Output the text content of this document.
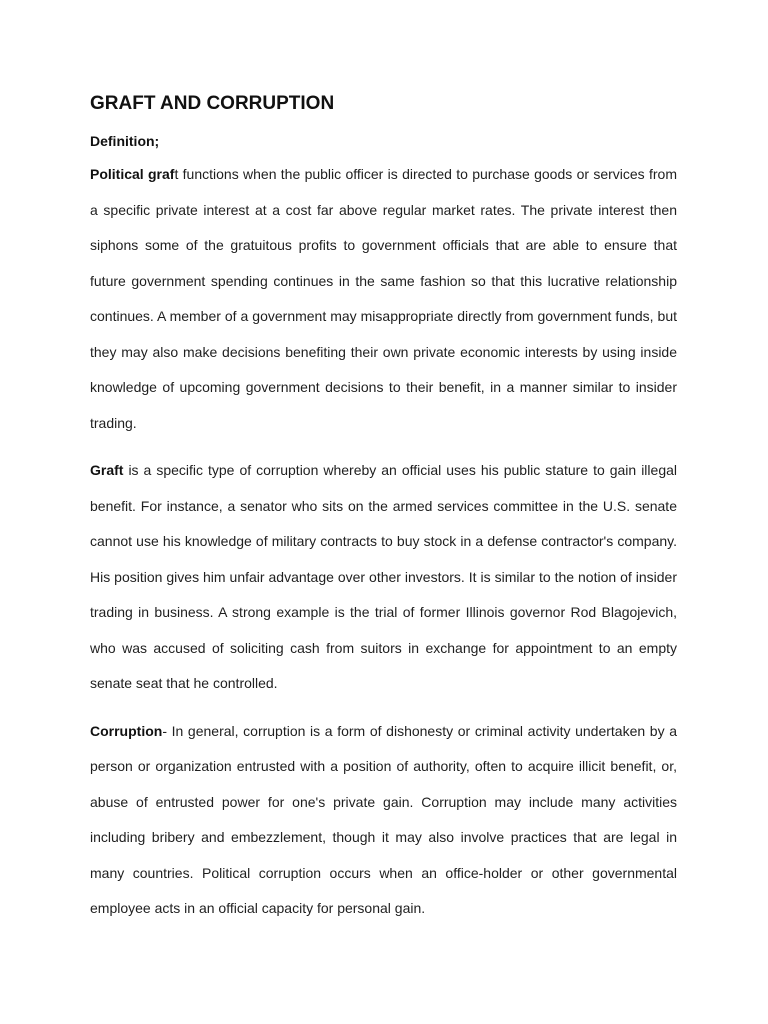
GRAFT AND CORRUPTION
Definition;

Political graft functions when the public officer is directed to purchase goods or services from a specific private interest at a cost far above regular market rates. The private interest then siphons some of the gratuitous profits to government officials that are able to ensure that future government spending continues in the same fashion so that this lucrative relationship continues. A member of a government may misappropriate directly from government funds, but they may also make decisions benefiting their own private economic interests by using inside knowledge of upcoming government decisions to their benefit, in a manner similar to insider trading.

Graft is a specific type of corruption whereby an official uses his public stature to gain illegal benefit. For instance, a senator who sits on the armed services committee in the U.S. senate cannot use his knowledge of military contracts to buy stock in a defense contractor's company. His position gives him unfair advantage over other investors. It is similar to the notion of insider trading in business. A strong example is the trial of former Illinois governor Rod Blagojevich, who was accused of soliciting cash from suitors in exchange for appointment to an empty senate seat that he controlled.

Corruption- In general, corruption is a form of dishonesty or criminal activity undertaken by a person or organization entrusted with a position of authority, often to acquire illicit benefit, or, abuse of entrusted power for one's private gain. Corruption may include many activities including bribery and embezzlement, though it may also involve practices that are legal in many countries. Political corruption occurs when an office-holder or other governmental employee acts in an official capacity for personal gain.
